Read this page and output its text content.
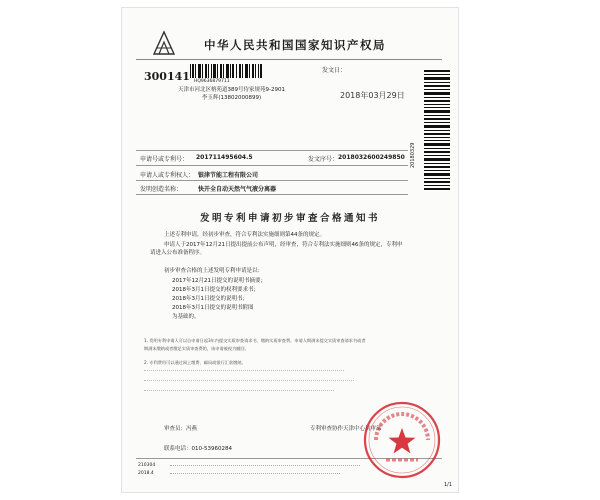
中华人民共和国国家知识产权局
300141 HQ9636879711
天津市河北区榕苑道389号侍家规苑9-2901
李玉辉(13802000899)
发文日：
2018年03月29日
20180329
申请号或专利号： 201711495604.5	发文序号： 2018032600249850
申请人或专利权人： 银津节能工程有限公司
发明创造名称：	快开全自动天然气气液分离器
发明专利申请初步审查合格通知书
上述专利申请，经初步审查，符合专利法实施细则第44条的规定。
申请人于2017年12月21日提出提前公布声明，经审查，符合专利法实施细则46条的规定，专利申
请进入公布准备程序。
初步审查合格的上述发明专利申请是以：
2017年12月21日提交的说明书摘要；
2018年3月1日提交的权利要求书；
2018年3月1日提交的说明书；
2018年3月1日提交的说明书附图
为基础的。
1. 发明专利申请人可以自申请日起3年内提交实质审查请求书、缴纳实质审查费。申请人期满未提交实质审查请求书或者
期满未缴纳或者缴足实质审查费的，该申请被视为撤回。
2. 专利费用可以通过网上缴费、邮局或银行汇款缴纳。
审查员：冯燕	专利审查协作天津中心初审部
联系电话：010-53960284
210304
2018.4
1/1
